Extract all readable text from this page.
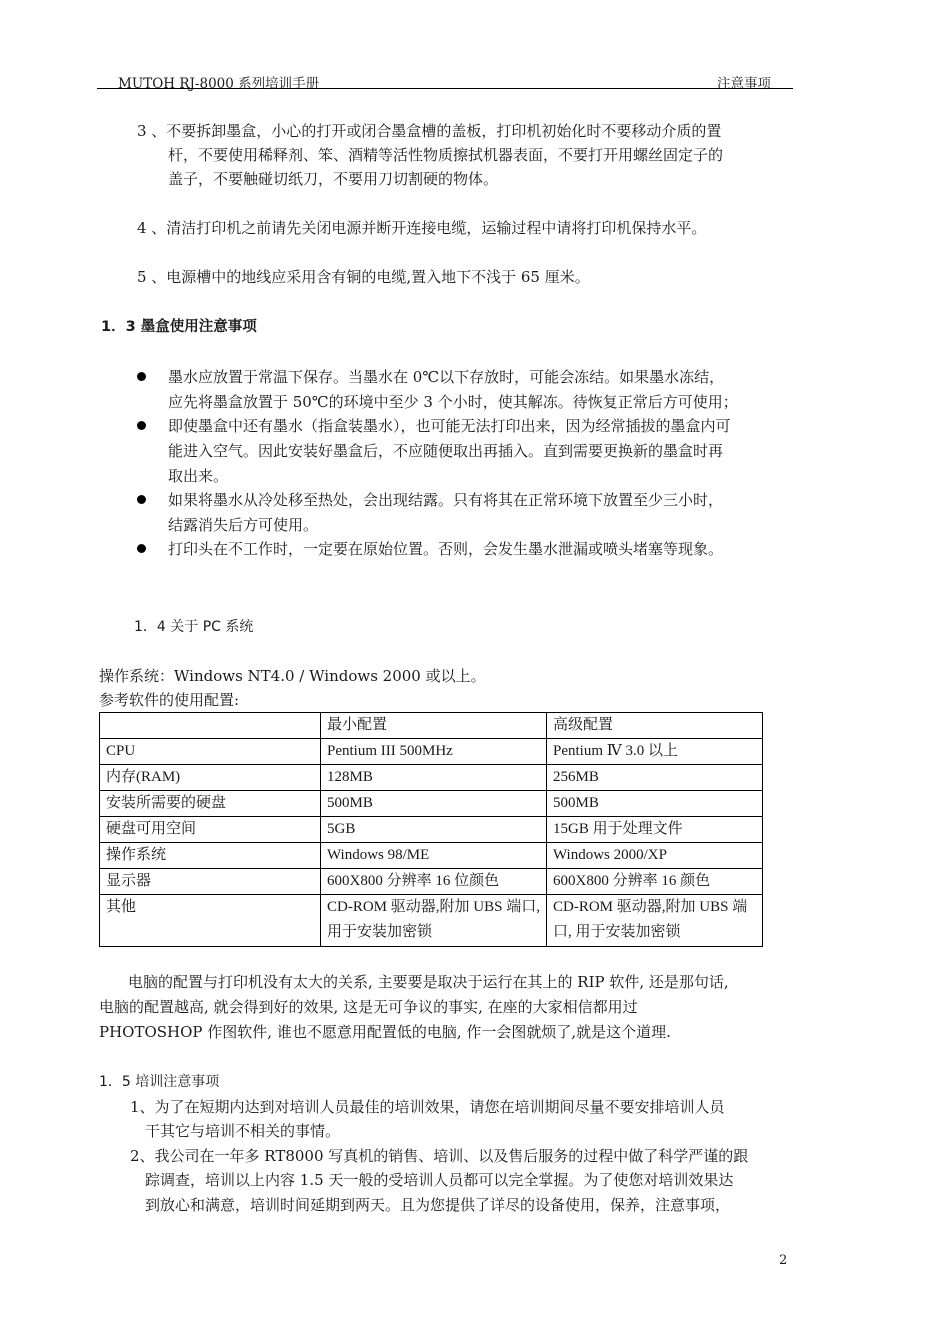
MUTOH RJ-8000 系列培训手册	注意事项
3 、不要拆卸墨盒，小心的打开或闭合墨盒槽的盖板，打印机初始化时不要移动介质的置
杆，不要使用稀释剂、笨、酒精等活性物质擦拭机器表面，不要打开用螺丝固定子的
盖子，不要触碰切纸刀，不要用刀切割硬的物体。
4 、清洁打印机之前请先关闭电源并断开连接电缆，运输过程中请将打印机保持水平。
5 、电源槽中的地线应采用含有铜的电缆,置入地下不浅于 65 厘米。
1．3 墨盒使用注意事项
墨水应放置于常温下保存。当墨水在 0℃以下存放时，可能会冻结。如果墨水冻结，
应先将墨盒放置于 50℃的环境中至少 3 个小时，使其解冻。待恢复正常后方可使用；
即使墨盒中还有墨水（指盒装墨水），也可能无法打印出来，因为经常插拔的墨盒内可
能进入空气。因此安装好墨盒后，不应随便取出再插入。直到需要更换新的墨盒时再
取出来。
如果将墨水从冷处移至热处，会出现结露。只有将其在正常环境下放置至少三小时，
结露消失后方可使用。
打印头在不工作时，一定要在原始位置。否则，会发生墨水泄漏或喷头堵塞等现象。
1．4 关于 PC 系统
操作系统：Windows NT4.0 / Windows 2000 或以上。
参考软件的使用配置:
	最小配置	高级配置
CPU	Pentium III 500MHz	Pentium Ⅳ 3.0 以上
内存(RAM)	128MB	256MB
安装所需要的硬盘	500MB	500MB
硬盘可用空间	5GB	15GB 用于处理文件
操作系统	Windows 98/ME	Windows 2000/XP
显示器	600X800 分辨率 16 位颜色	600X800 分辨率 16 颜色
其他	CD-ROM 驱动器,附加 UBS 端口, 用于安装加密锁	CD-ROM 驱动器,附加 UBS 端口, 用于安装加密锁
电脑的配置与打印机没有太大的关系, 主要要是取决于运行在其上的 RIP 软件, 还是那句话,
电脑的配置越高, 就会得到好的效果, 这是无可争议的事实, 在座的大家相信都用过
PHOTOSHOP 作图软件, 谁也不愿意用配置低的电脑, 作一会图就烦了,就是这个道理.
1．5 培训注意事项
1、为了在短期内达到对培训人员最佳的培训效果，请您在培训期间尽量不要安排培训人员
干其它与培训不相关的事情。
2、我公司在一年多 RT8000 写真机的销售、培训、以及售后服务的过程中做了科学严谨的跟
踪调查，培训以上内容 1.5 天一般的受培训人员都可以完全掌握。为了使您对培训效果达
到放心和满意，培训时间延期到两天。且为您提供了详尽的设备使用，保养，注意事项，
2
